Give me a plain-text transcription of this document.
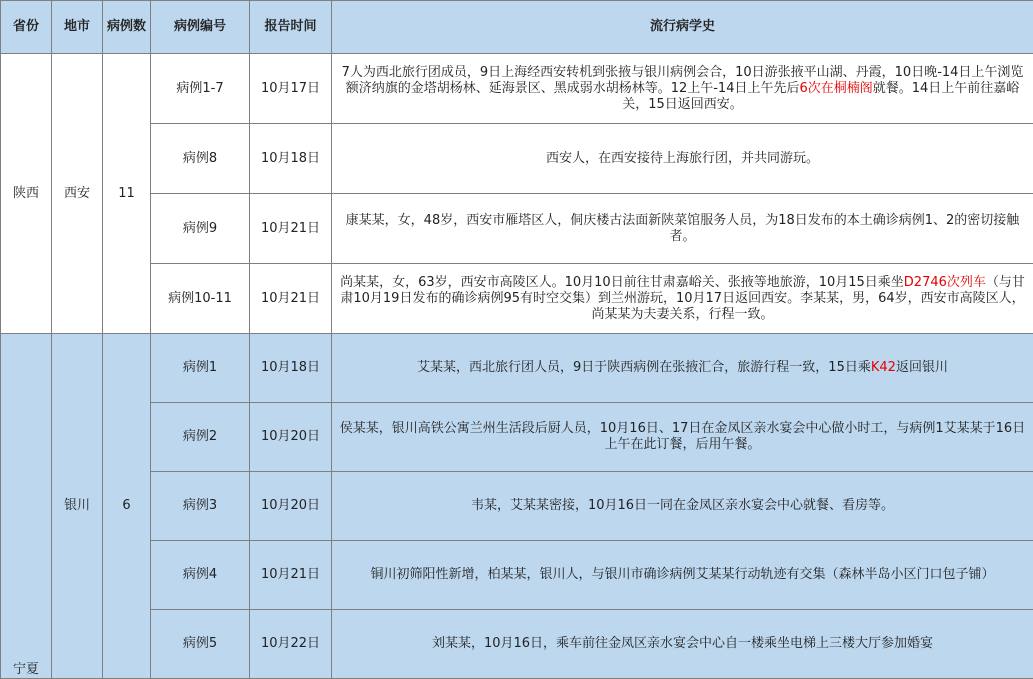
省份	地市	病例数	病例编号	报告时间	流行病学史
陕西	西安	11	病例1-7	10月17日	7人为西北旅行团成员，9日上海经西安转机到张掖与银川病例会合，10日游张掖平山湖、丹霞，10日晚-14日上午浏览额济纳旗的金塔胡杨林、延海景区、黑成弱水胡杨林等。12上午-14日上午先后6次在桐楠阁就餐。14日上午前往嘉峪关，15日返回西安。
			病例8	10月18日	西安人，在西安接待上海旅行团，并共同游玩。
			病例9	10月21日	康某某，女，48岁，西安市雁塔区人，侗庆楼古法面新陕菜馆服务人员，为18日发布的本土确诊病例1、2的密切接触者。
			病例10-11	10月21日	尚某某，女，63岁，西安市高陵区人。10月10日前往甘肃嘉峪关、张掖等地旅游，10月15日乘坐D2746次列车（与甘肃10月19日发布的确诊病例95有时空交集）到兰州游玩，10月17日返回西安。李某某，男，64岁，西安市高陵区人，尚某某为夫妻关系，行程一致。
宁夏	银川	6	病例1	10月18日	艾某某，西北旅行团人员，9日于陕西病例在张掖汇合，旅游行程一致，15日乘K42返回银川
			病例2	10月20日	侯某某，银川高铁公寓兰州生活段后厨人员，10月16日、17日在金凤区亲水宴会中心做小时工，与病例1艾某某于16日上午在此订餐，后用午餐。
			病例3	10月20日	韦某，艾某某密接，10月16日一同在金凤区亲水宴会中心就餐、看房等。
			病例4	10月21日	铜川初筛阳性新增，柏某某，银川人，与银川市确诊病例艾某某行动轨迹有交集（森林半岛小区门口包子铺）
			病例5	10月22日	刘某某，10月16日，乘车前往金凤区亲水宴会中心自一楼乘坐电梯上三楼大厅参加婚宴
